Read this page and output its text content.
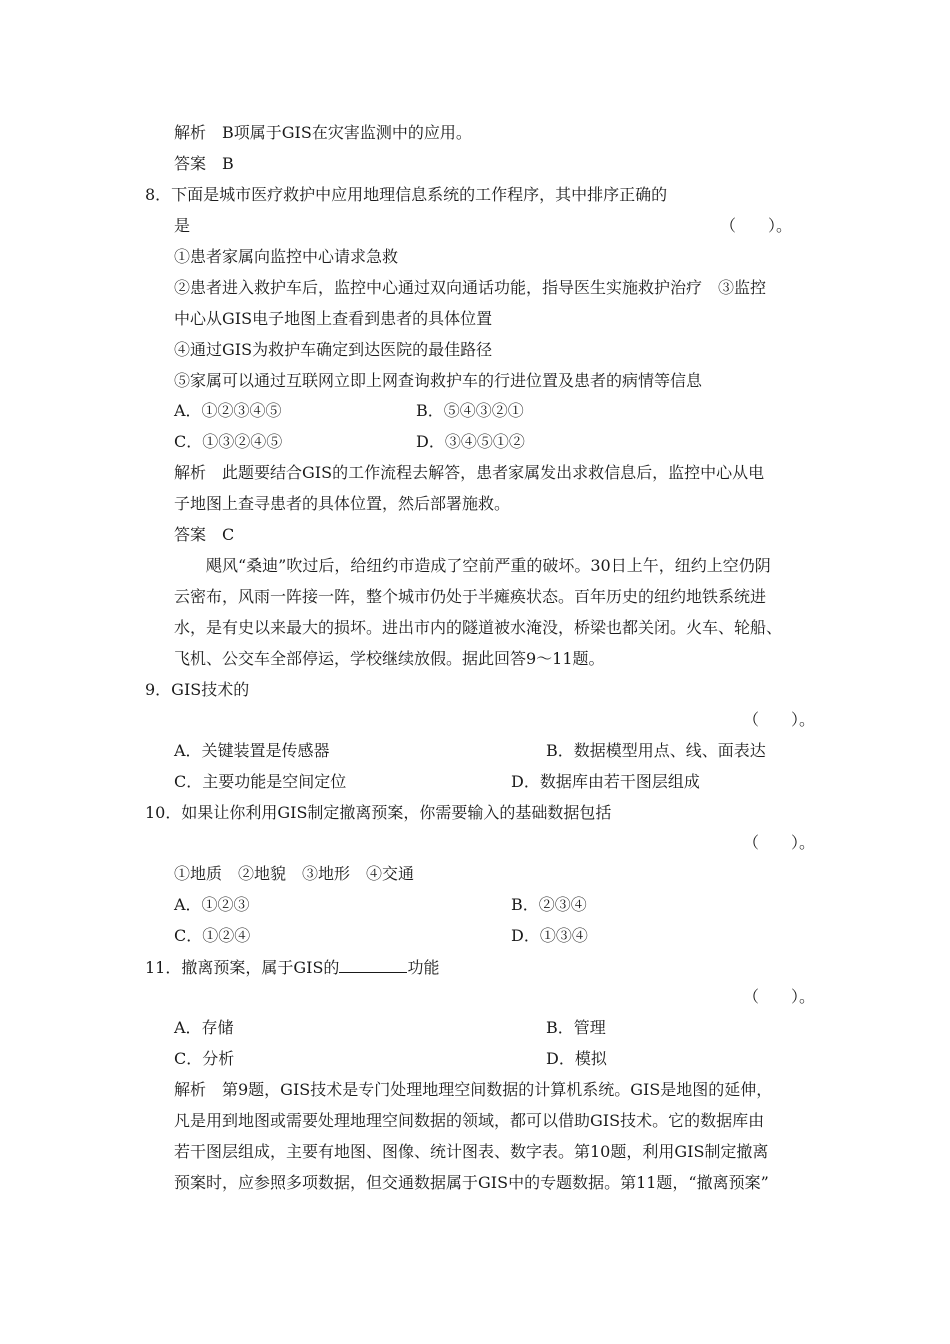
解析　B项属于GIS在灾害监测中的应用。

答案　B

8．下面是城市医疗救护中应用地理信息系统的工作程序，其中排序正确的

是	（　　）。

①患者家属向监控中心请求急救

②患者进入救护车后，监控中心通过双向通话功能，指导医生实施救护治疗　③监控

中心从GIS电子地图上查看到患者的具体位置

④通过GIS为救护车确定到达医院的最佳路径

⑤家属可以通过互联网立即上网查询救护车的行进位置及患者的病情等信息

A．①②③④⑤	B．⑤④③②①

C．①③②④⑤	D．③④⑤①②

解析　此题要结合GIS的工作流程去解答，患者家属发出求救信息后，监控中心从电

子地图上查寻患者的具体位置，然后部署施救。

答案　C

飓风“桑迪”吹过后，给纽约市造成了空前严重的破坏。30日上午，纽约上空仍阴

云密布，风雨一阵接一阵，整个城市仍处于半瘫痪状态。百年历史的纽约地铁系统进

水，是有史以来最大的损坏。进出市内的隧道被水淹没，桥梁也都关闭。火车、轮船、

飞机、公交车全部停运，学校继续放假。据此回答9～11题。

9．GIS技术的

（　　）。

A．关键装置是传感器	B．数据模型用点、线、面表达

C．主要功能是空间定位	D．数据库由若干图层组成

10．如果让你利用GIS制定撤离预案，你需要输入的基础数据包括

（　　）。

①地质　②地貌　③地形　④交通

A．①②③	B．②③④

C．①②④	D．①③④

11．撤离预案，属于GIS的	功能

（　　）。

A．存储	B．管理

C．分析	D．模拟

解析　第9题，GIS技术是专门处理地理空间数据的计算机系统。GIS是地图的延伸，

凡是用到地图或需要处理地理空间数据的领域，都可以借助GIS技术。它的数据库由

若干图层组成，主要有地图、图像、统计图表、数字表。第10题，利用GIS制定撤离

预案时，应参照多项数据，但交通数据属于GIS中的专题数据。第11题，“撤离预案”
